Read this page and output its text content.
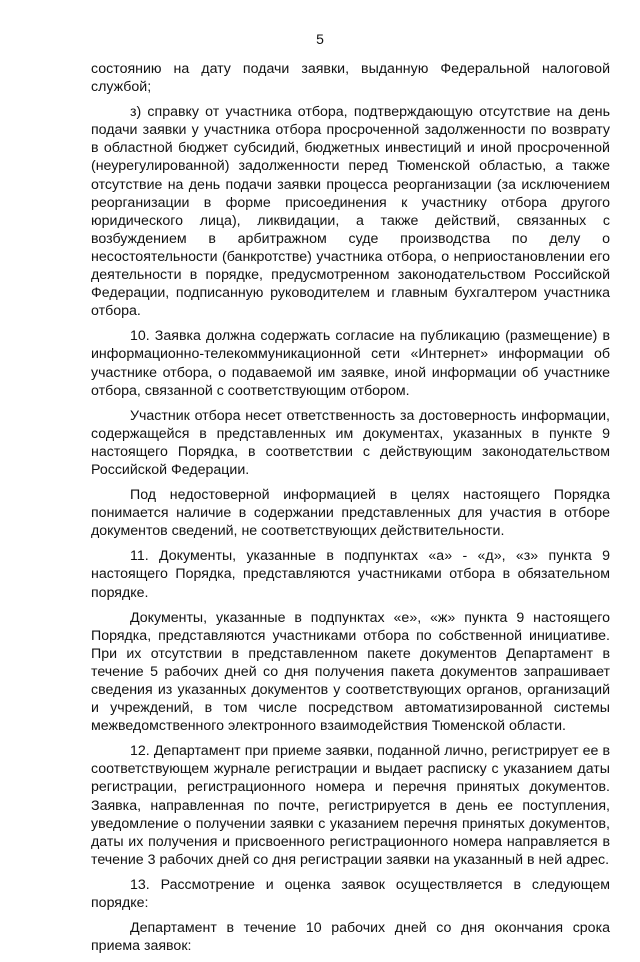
5

состоянию на дату подачи заявки, выданную Федеральной налоговой службой;

з) справку от участника отбора, подтверждающую отсутствие на день подачи заявки у участника отбора просроченной задолженности по возврату в областной бюджет субсидий, бюджетных инвестиций и иной просроченной (неурегулированной) задолженности перед Тюменской областью, а также отсутствие на день подачи заявки процесса реорганизации (за исключением реорганизации в форме присоединения к участнику отбора другого юридического лица), ликвидации, а также действий, связанных с возбуждением в арбитражном суде производства по делу о несостоятельности (банкротстве) участника отбора, о неприостановлении его деятельности в порядке, предусмотренном законодательством Российской Федерации, подписанную руководителем и главным бухгалтером участника отбора.

10. Заявка должна содержать согласие на публикацию (размещение) в информационно-телекоммуникационной сети «Интернет» информации об участнике отбора, о подаваемой им заявке, иной информации об участнике отбора, связанной с соответствующим отбором.

Участник отбора несет ответственность за достоверность информации, содержащейся в представленных им документах, указанных в пункте 9 настоящего Порядка, в соответствии с действующим законодательством Российской Федерации.

Под недостоверной информацией в целях настоящего Порядка понимается наличие в содержании представленных для участия в отборе документов сведений, не соответствующих действительности.

11. Документы, указанные в подпунктах «а» - «д», «з» пункта 9 настоящего Порядка, представляются участниками отбора в обязательном порядке.

Документы, указанные в подпунктах «е», «ж» пункта 9 настоящего Порядка, представляются участниками отбора по собственной инициативе. При их отсутствии в представленном пакете документов Департамент в течение 5 рабочих дней со дня получения пакета документов запрашивает сведения из указанных документов у соответствующих органов, организаций и учреждений, в том числе посредством автоматизированной системы межведомственного электронного взаимодействия Тюменской области.

12. Департамент при приеме заявки, поданной лично, регистрирует ее в соответствующем журнале регистрации и выдает расписку с указанием даты регистрации, регистрационного номера и перечня принятых документов. Заявка, направленная по почте, регистрируется в день ее поступления, уведомление о получении заявки с указанием перечня принятых документов, даты их получения и присвоенного регистрационного номера направляется в течение 3 рабочих дней со дня регистрации заявки на указанный в ней адрес.

13. Рассмотрение и оценка заявок осуществляется в следующем порядке:

Департамент в течение 10 рабочих дней со дня окончания срока приема заявок:
